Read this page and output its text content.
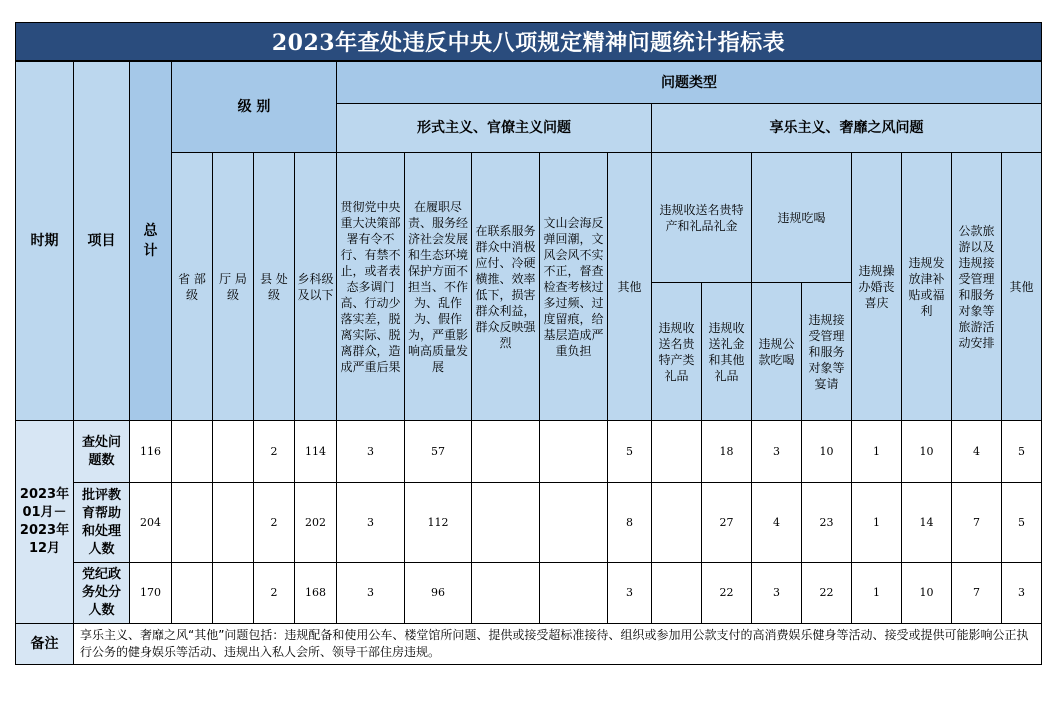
2023年查处违反中央八项规定精神问题统计指标表
时期	项目	总计	级 别				问题类型												
							形式主义、官僚主义问题					享乐主义、奢靡之风问题							
			省 部级	厅 局级	县 处级	乡科级及以下	贯彻党中央重大决策部署有令不行、有禁不止，或者表态多调门高、行动少落实差，脱离实际、脱离群众，造成严重后果	在履职尽责、服务经济社会发展和生态环境保护方面不担当、不作为、乱作为、假作为，严重影响高质量发展	在联系服务群众中消极应付、冷硬横推、效率低下，损害群众利益，群众反映强烈	文山会海反弹回潮，文风会风不实不正，督查检查考核过多过频、过度留痕，给基层造成严重负担	其他	违规收送名贵特产和礼品礼金		违规吃喝		违规操办婚丧喜庆	违规发放津补贴或福利	公款旅游以及违规接受管理和服务对象等旅游活动安排	其他
												违规收送名贵特产类礼品	违规收送礼金和其他礼品	违规公款吃喝	违规接受管理和服务对象等宴请				
2023年01月－2023年12月	查处问题数	116			2	114	3	57			5		18	3	10	1	10	4	5
	批评教育帮助和处理人数	204			2	202	3	112			8		27	4	23	1	14	7	5
	党纪政务处分人数	170			2	168	3	96			3		22	3	22	1	10	7	3
备注	享乐主义、奢靡之风“其他”问题包括：违规配备和使用公车、楼堂馆所问题、提供或接受超标准接待、组织或参加用公款支付的高消费娱乐健身等活动、接受或提供可能影响公正执行公务的健身娱乐等活动、违规出入私人会所、领导干部住房违规。																		
